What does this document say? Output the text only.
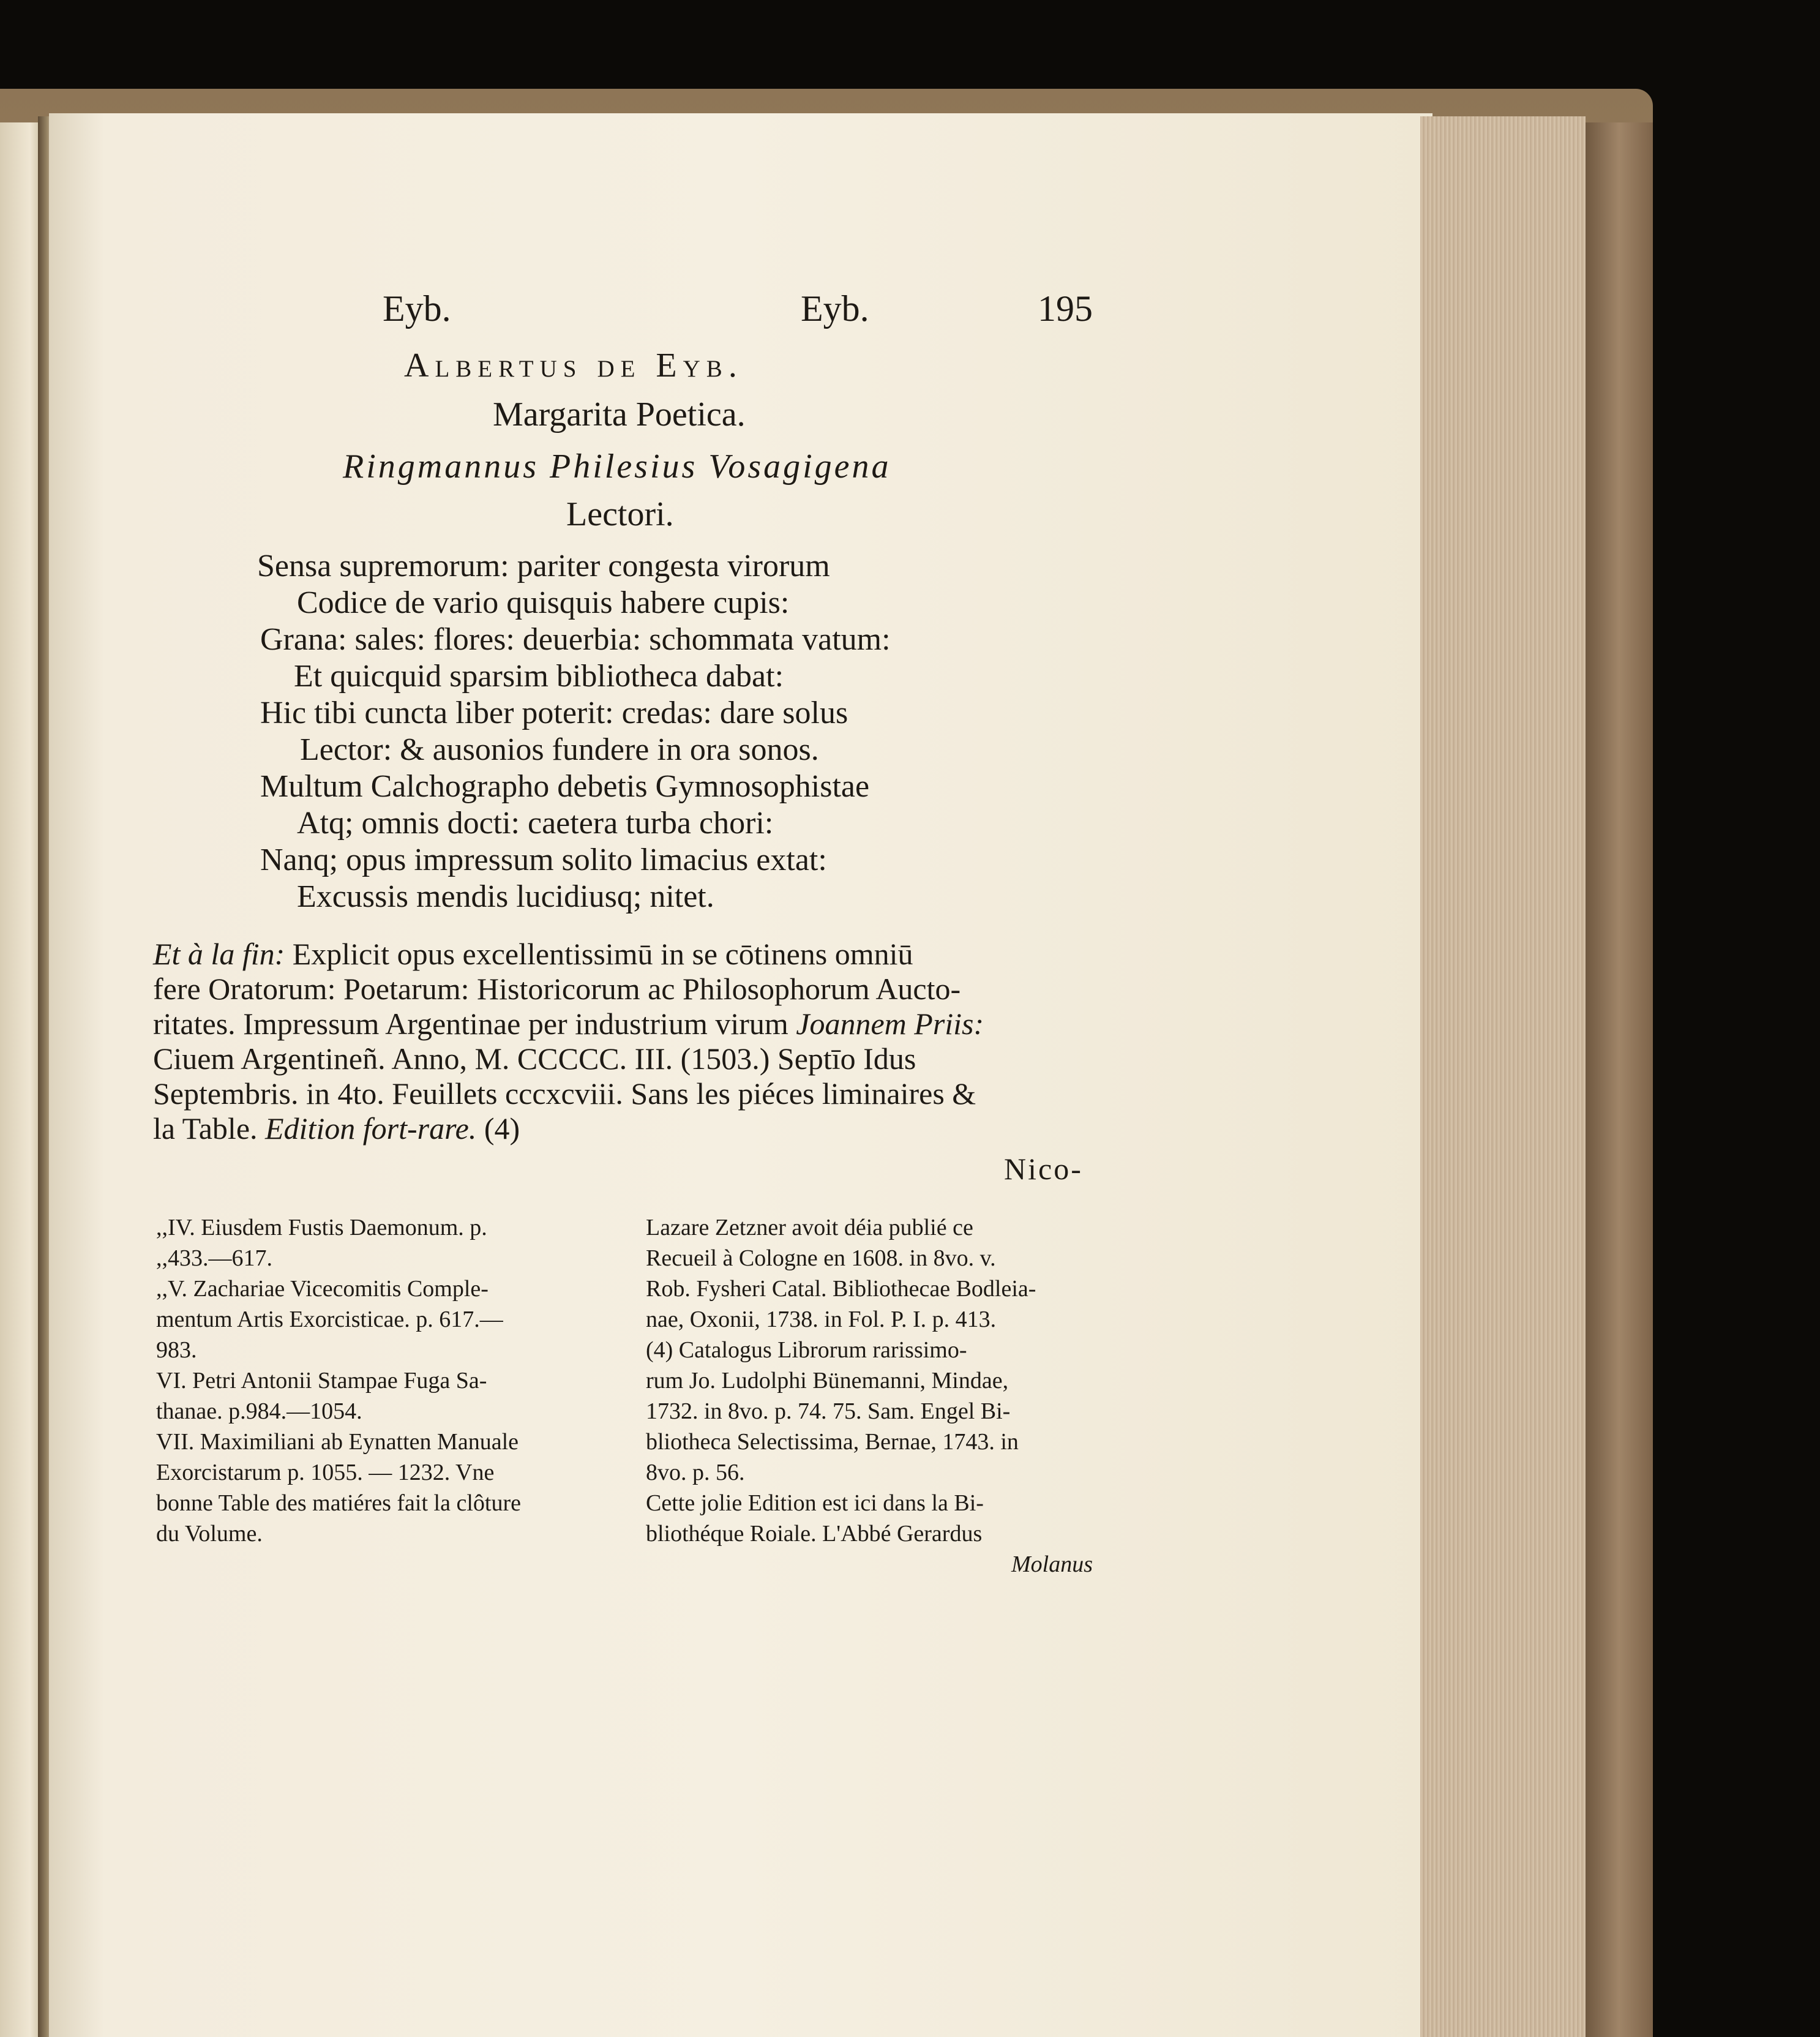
Eyb.	Eyb.	195
Albertus de Eyb.
Margarita Poetica.
Ringmannus Philesius Vosagigena
Lectori.
Sensa supremorum: pariter congesta virorum
Codice de vario quisquis habere cupis:
Grana: sales: flores: deuerbia: schommata vatum:
Et quicquid sparsim bibliotheca dabat:
Hic tibi cuncta liber poterit: credas: dare solus
Lector: & ausonios fundere in ora sonos.
Multum Calchographo debetis Gymnosophistae
Atq; omnis docti: caetera turba chori:
Nanq; opus impressum solito limacius extat:
Excussis mendis lucidiusq; nitet.
Et à la fin: Explicit opus excellentissimū in se cōtinens omniū
fere Oratorum: Poetarum: Historicorum ac Philosophorum Aucto-
ritates. Impressum Argentinae per industrium virum Joannem Priis:
Ciuem Argentineñ. Anno, M. CCCCC. III. (1503.) Septīo Idus
Septembris. in 4to. Feuillets cccxcviii. Sans les piéces liminaires &
la Table. Edition fort-rare. (4)
Nico-
,,IV. Eiusdem Fustis Daemonum. p.
,,433.—617.
,,V. Zachariae Vicecomitis Comple-
mentum Artis Exorcisticae. p. 617.—
983.
VI. Petri Antonii Stampae Fuga Sa-
thanae. p.984.—1054.
VII. Maximiliani ab Eynatten Manuale
Exorcistarum p. 1055. — 1232. Vne
bonne Table des matiéres fait la clôture
du Volume.
Lazare Zetzner avoit déia publié ce
Recueil à Cologne en 1608. in 8vo. v.
Rob. Fysheri Catal. Bibliothecae Bodleia-
nae, Oxonii, 1738. in Fol. P. I. p. 413.
(4) Catalogus Librorum rarissimo-
rum Jo. Ludolphi Bünemanni, Mindae,
1732. in 8vo. p. 74. 75. Sam. Engel Bi-
bliotheca Selectissima, Bernae, 1743. in
8vo. p. 56.
Cette jolie Edition est ici dans la Bi-
bliothéque Roiale. L'Abbé Gerardus
Molanus
